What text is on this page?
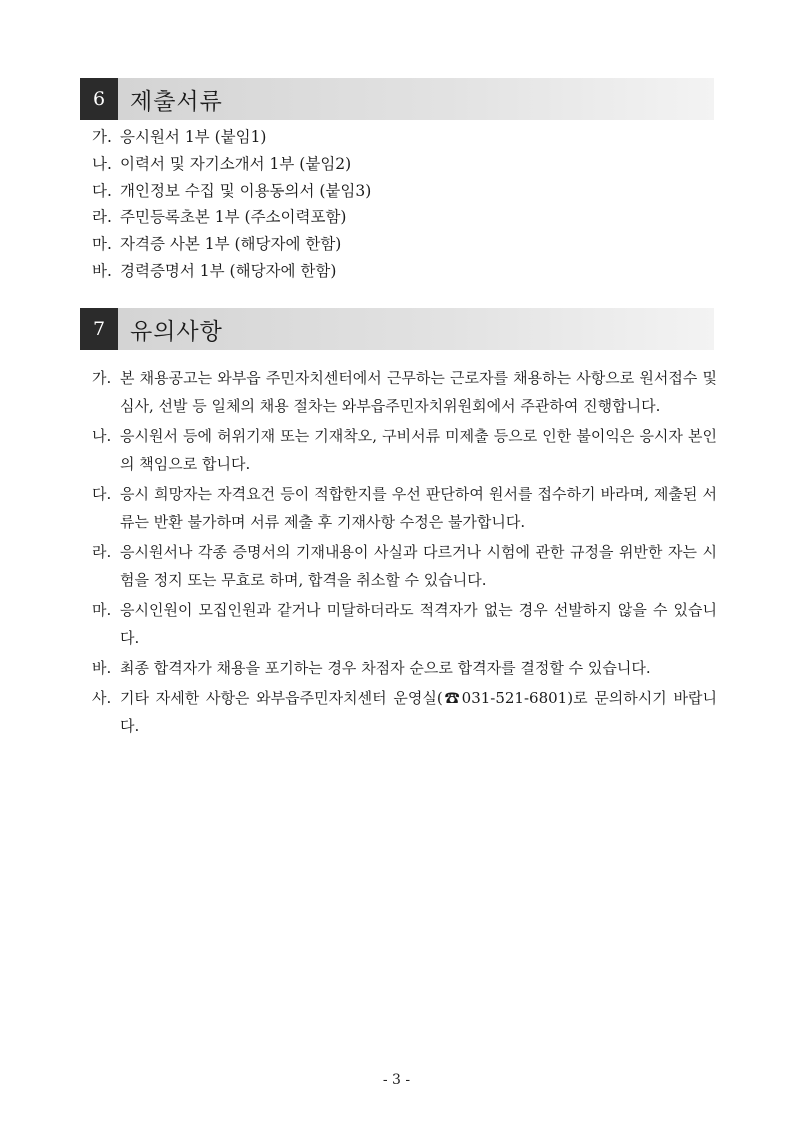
6	제출서류
가. 응시원서 1부 (붙임1)
나. 이력서 및 자기소개서 1부 (붙임2)
다. 개인정보 수집 및 이용동의서 (붙임3)
라. 주민등록초본 1부 (주소이력포함)
마. 자격증 사본 1부 (해당자에 한함)
바. 경력증명서 1부 (해당자에 한함)
7	유의사항
가. 본 채용공고는 와부읍 주민자치센터에서 근무하는 근로자를 채용하는 사항으로 원서접수 및 심사, 선발 등 일체의 채용 절차는 와부읍주민자치위원회에서 주관하여 진행합니다.
나. 응시원서 등에 허위기재 또는 기재착오, 구비서류 미제출 등으로 인한 불이익은 응시자 본인의 책임으로 합니다.
다. 응시 희망자는 자격요건 등이 적합한지를 우선 판단하여 원서를 접수하기 바라며, 제출된 서류는 반환 불가하며 서류 제출 후 기재사항 수정은 불가합니다.
라. 응시원서나 각종 증명서의 기재내용이 사실과 다르거나 시험에 관한 규정을 위반한 자는 시험을 정지 또는 무효로 하며, 합격을 취소할 수 있습니다.
마. 응시인원이 모집인원과 같거나 미달하더라도 적격자가 없는 경우 선발하지 않을 수 있습니다.
바. 최종 합격자가 채용을 포기하는 경우 차점자 순으로 합격자를 결정할 수 있습니다.
사. 기타 자세한 사항은 와부읍주민자치센터 운영실(☎031-521-6801)로 문의하시기 바랍니다.
- 3 -
